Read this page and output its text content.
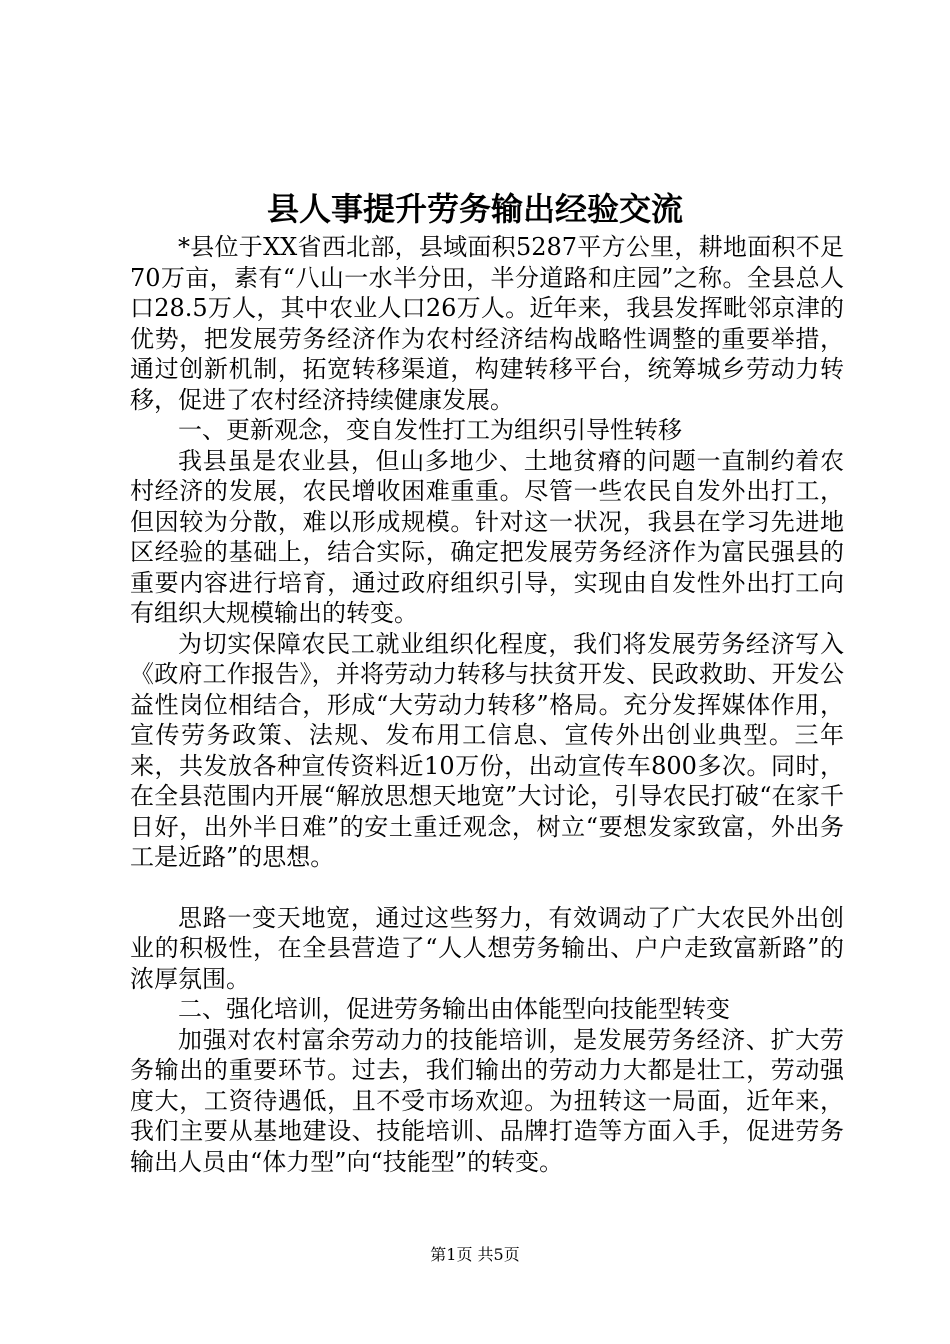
县人事提升劳务输出经验交流

*县位于XX省西北部，县域面积5287平方公里，耕地面积不足70万亩，素有“八山一水半分田，半分道路和庄园”之称。全县总人口28.5万人，其中农业人口26万人。近年来，我县发挥毗邻京津的优势，把发展劳务经济作为农村经济结构战略性调整的重要举措，通过创新机制，拓宽转移渠道，构建转移平台，统筹城乡劳动力转移，促进了农村经济持续健康发展。

一、更新观念，变自发性打工为组织引导性转移

我县虽是农业县，但山多地少、土地贫瘠的问题一直制约着农村经济的发展，农民增收困难重重。尽管一些农民自发外出打工，但因较为分散，难以形成规模。针对这一状况，我县在学习先进地区经验的基础上，结合实际，确定把发展劳务经济作为富民强县的重要内容进行培育，通过政府组织引导，实现由自发性外出打工向有组织大规模输出的转变。

为切实保障农民工就业组织化程度，我们将发展劳务经济写入《政府工作报告》，并将劳动力转移与扶贫开发、民政救助、开发公益性岗位相结合，形成“大劳动力转移”格局。充分发挥媒体作用，宣传劳务政策、法规、发布用工信息、宣传外出创业典型。三年来，共发放各种宣传资料近10万份，出动宣传车800多次。同时，在全县范围内开展“解放思想天地宽”大讨论，引导农民打破“在家千日好，出外半日难”的安土重迁观念，树立“要想发家致富，外出务工是近路”的思想。

思路一变天地宽，通过这些努力，有效调动了广大农民外出创业的积极性，在全县营造了“人人想劳务输出、户户走致富新路”的浓厚氛围。

二、强化培训，促进劳务输出由体能型向技能型转变

加强对农村富余劳动力的技能培训，是发展劳务经济、扩大劳务输出的重要环节。过去，我们输出的劳动力大都是壮工，劳动强度大，工资待遇低，且不受市场欢迎。为扭转这一局面，近年来，我们主要从基地建设、技能培训、品牌打造等方面入手，促进劳务输出人员由“体力型”向“技能型”的转变。

第1页 共5页
